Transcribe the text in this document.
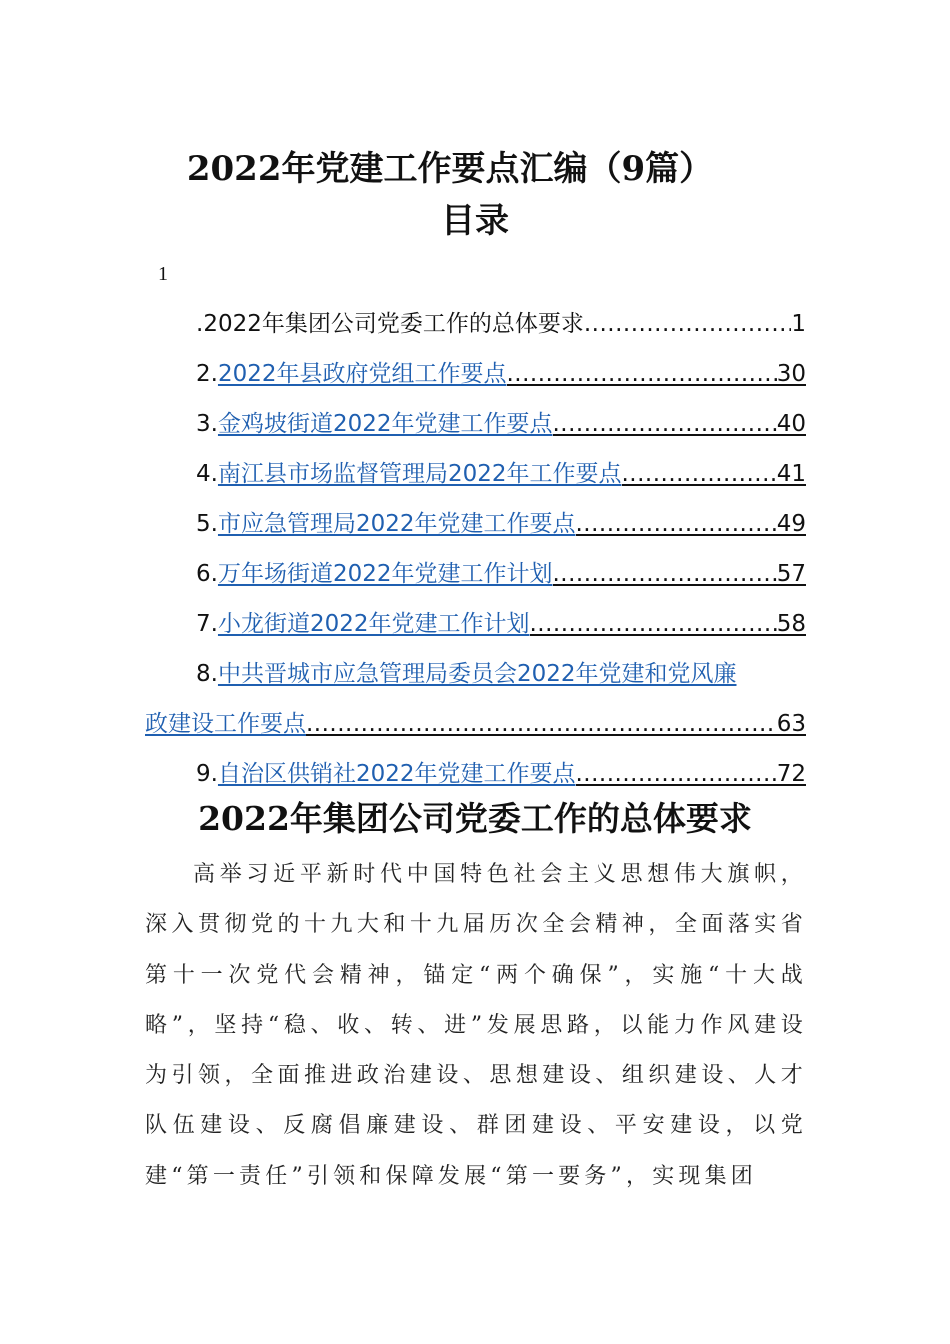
2022年党建工作要点汇编（9篇）
目录
1
. 2022年集团公司党委工作的总体要求 .....	1
2. 2022年县政府党组工作要点 .....	30
3. 金鸡坡街道2022年党建工作要点 .....	40
4. 南江县市场监督管理局2022年工作要点 .....	41
5. 市应急管理局2022年党建工作要点 .....	49
6. 万年场街道2022年党建工作计划 .....	57
7. 小龙街道2022年党建工作计划 .....	58
8.中共晋城市应急管理局委员会2022年党建和党风廉
政建设工作要点 .....	63
9. 自治区供销社2022年党建工作要点 .....	72
2022年集团公司党委工作的总体要求
高举习近平新时代中国特色社会主义思想伟大旗帜，深入贯彻党的十九大和十九届历次全会精神，全面落实省第十一次党代会精神，锚定“两个确保”，实施“十大战略”，坚持“稳、收、转、进”发展思路，以能力作风建设为引领，全面推进政治建设、思想建设、组织建设、人才队伍建设、反腐倡廉建设、群团建设、平安建设，以党建“第一责任”引领和保障发展“第一要务”，实现集团
